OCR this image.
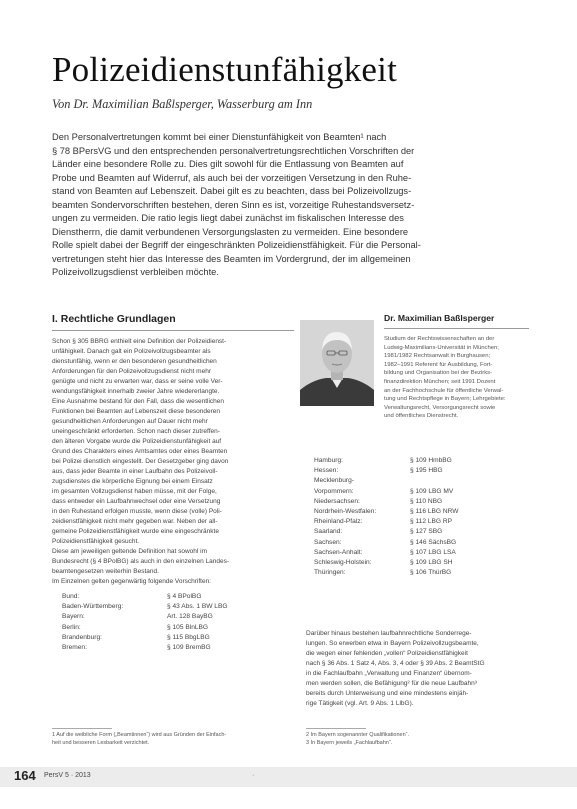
Polizeidienstunfähigkeit
Von Dr. Maximilian Baßlsperger, Wasserburg am Inn
Den Personalvertretungen kommt bei einer Dienstunfähigkeit von Beamten¹ nach
§ 78 BPersVG und den entsprechenden personalvertretungsrechtlichen Vorschriften der
Länder eine besondere Rolle zu. Dies gilt sowohl für die Entlassung von Beamten auf
Probe und Beamten auf Widerruf, als auch bei der vorzeitigen Versetzung in den Ruhe-
stand von Beamten auf Lebenszeit. Dabei gilt es zu beachten, dass bei Polizeivollzugs-
beamten Sondervorschriften bestehen, deren Sinn es ist, vorzeitige Ruhestandsversetz-
ungen zu vermeiden. Die ratio legis liegt dabei zunächst im fiskalischen Interesse des
Dienstherrn, die damit verbundenen Versorgungslasten zu vermeiden. Eine besondere
Rolle spielt dabei der Begriff der eingeschränkten Polizeidienstfähigkeit. Für die Personal-
vertretungen steht hier das Interesse des Beamten im Vordergrund, der im allgemeinen
Polizeivollzugsdienst verbleiben möchte.
I. Rechtliche Grundlagen
Schon § 305 BBRG enthielt eine Definition der Polizeidienst-
unfähigkeit. Danach galt ein Polizeivollzugsbeamter als
dienstunfähig, wenn er den besonderen gesundheitlichen
Anforderungen für den Polizeivollzugsdienst nicht mehr
genügte und nicht zu erwarten war, dass er seine volle Ver-
wendungsfähigkeit innerhalb zweier Jahre wiedererlangte.
Eine Ausnahme bestand für den Fall, dass die wesentlichen
Funktionen bei Beamten auf Lebenszeit diese besonderen
gesundheitlichen Anforderungen auf Dauer nicht mehr
uneingeschränkt erforderten. Schon nach dieser zutreffen-
den älteren Vorgabe wurde die Polizeidienstunfähigkeit auf
Grund des Charakters eines Amtsamtes oder eines Beamten
bei Polizei dienstlich eingestellt. Der Gesetzgeber ging davon
aus, dass jeder Beamte in einer Laufbahn des Polizeivoll-
zugsdienstes die körperliche Eignung bei einem Einsatz
im gesamten Vollzugsdienst haben müsse, mit der Folge,
dass entweder ein Laufbahnwechsel oder eine Versetzung
in den Ruhestand erfolgen musste, wenn diese (volle) Poli-
zeidienstfähigkeit nicht mehr gegeben war. Neben der all-
gemeine Polizeidienstfähigkeit wurde eine eingeschränkte
Polizeidienstfähigkeit gesucht.
Diese am jeweiligen geltende Definition hat sowohl im
Bundesrecht (§ 4 BPolBG) als auch in den einzelnen Landes-
beamtengesetzen weiterhin Bestand.
Im Einzelnen gelten gegenwärtig folgende Vorschriften:
Bund:	§ 4 BPolBG
Baden-Württemberg:	§ 43 Abs. 1 BW LBG
Bayern:	Art. 128 BayBG
Berlin:	§ 105 BlnLBG
Brandenburg:	§ 115 BbgLBG
Bremen:	§ 109 BremBG
Dr. Maximilian Baßlsperger
Studium der Rechtswissenschaften an der
Ludwig-Maximilians-Universität in München;
1981/1982 Rechtsanwalt in Burghausen;
1982–1991 Referent für Ausbildung, Fort-
bildung und Organisation bei der Bezirks-
finanzdirektion München; seit 1991 Dozent
an der Fachhochschule für öffentliche Verwal-
tung und Rechtspflege in Bayern; Lehrgebiete:
Verwaltungsrecht, Versorgungsrecht sowie
und öffentliches Dienstrecht.
Hamburg:	§ 109 HmbBG
Hessen:	§ 195 HBG
Mecklenburg-	
Vorpommern:	§ 109 LBG MV
Niedersachsen:	§ 110 NBG
Nordrhein-Westfalen:	§ 116 LBG NRW
Rheinland-Pfalz:	§ 112 LBG RP
Saarland:	§ 127 SBG
Sachsen:	§ 146 SächsBG
Sachsen-Anhalt:	§ 107 LBG LSA
Schleswig-Holstein:	§ 109 LBG SH
Thüringen:	§ 106 ThürBG
Darüber hinaus bestehen laufbahnrechtliche Sonderrege-
lungen. So erwerben etwa in Bayern Polizeivollzugsbeamte,
die wegen einer fehlenden „vollen“ Polizeidienstfähigkeit
nach § 36 Abs. 1 Satz 4, Abs. 3, 4 oder § 39 Abs. 2 BeamtStG
in die Fachlaufbahn „Verwaltung und Finanzen“ übernom-
men werden sollen, die Befähigung² für die neue Laufbahn³
bereits durch Unterweisung und eine mindestens einjäh-
rige Tätigkeit (vgl. Art. 9 Abs. 1 LlbG).
1 Auf die weibliche Form („Beamtinnen“) wird aus Gründen der Einfach-
heit und besseren Lesbarkeit verzichtet.
2 Im Bayern sogenannter Qualifikationen“.
3 In Bayern jeweils „Fachlaufbahn“.
164 PersV 5 · 2013	·
